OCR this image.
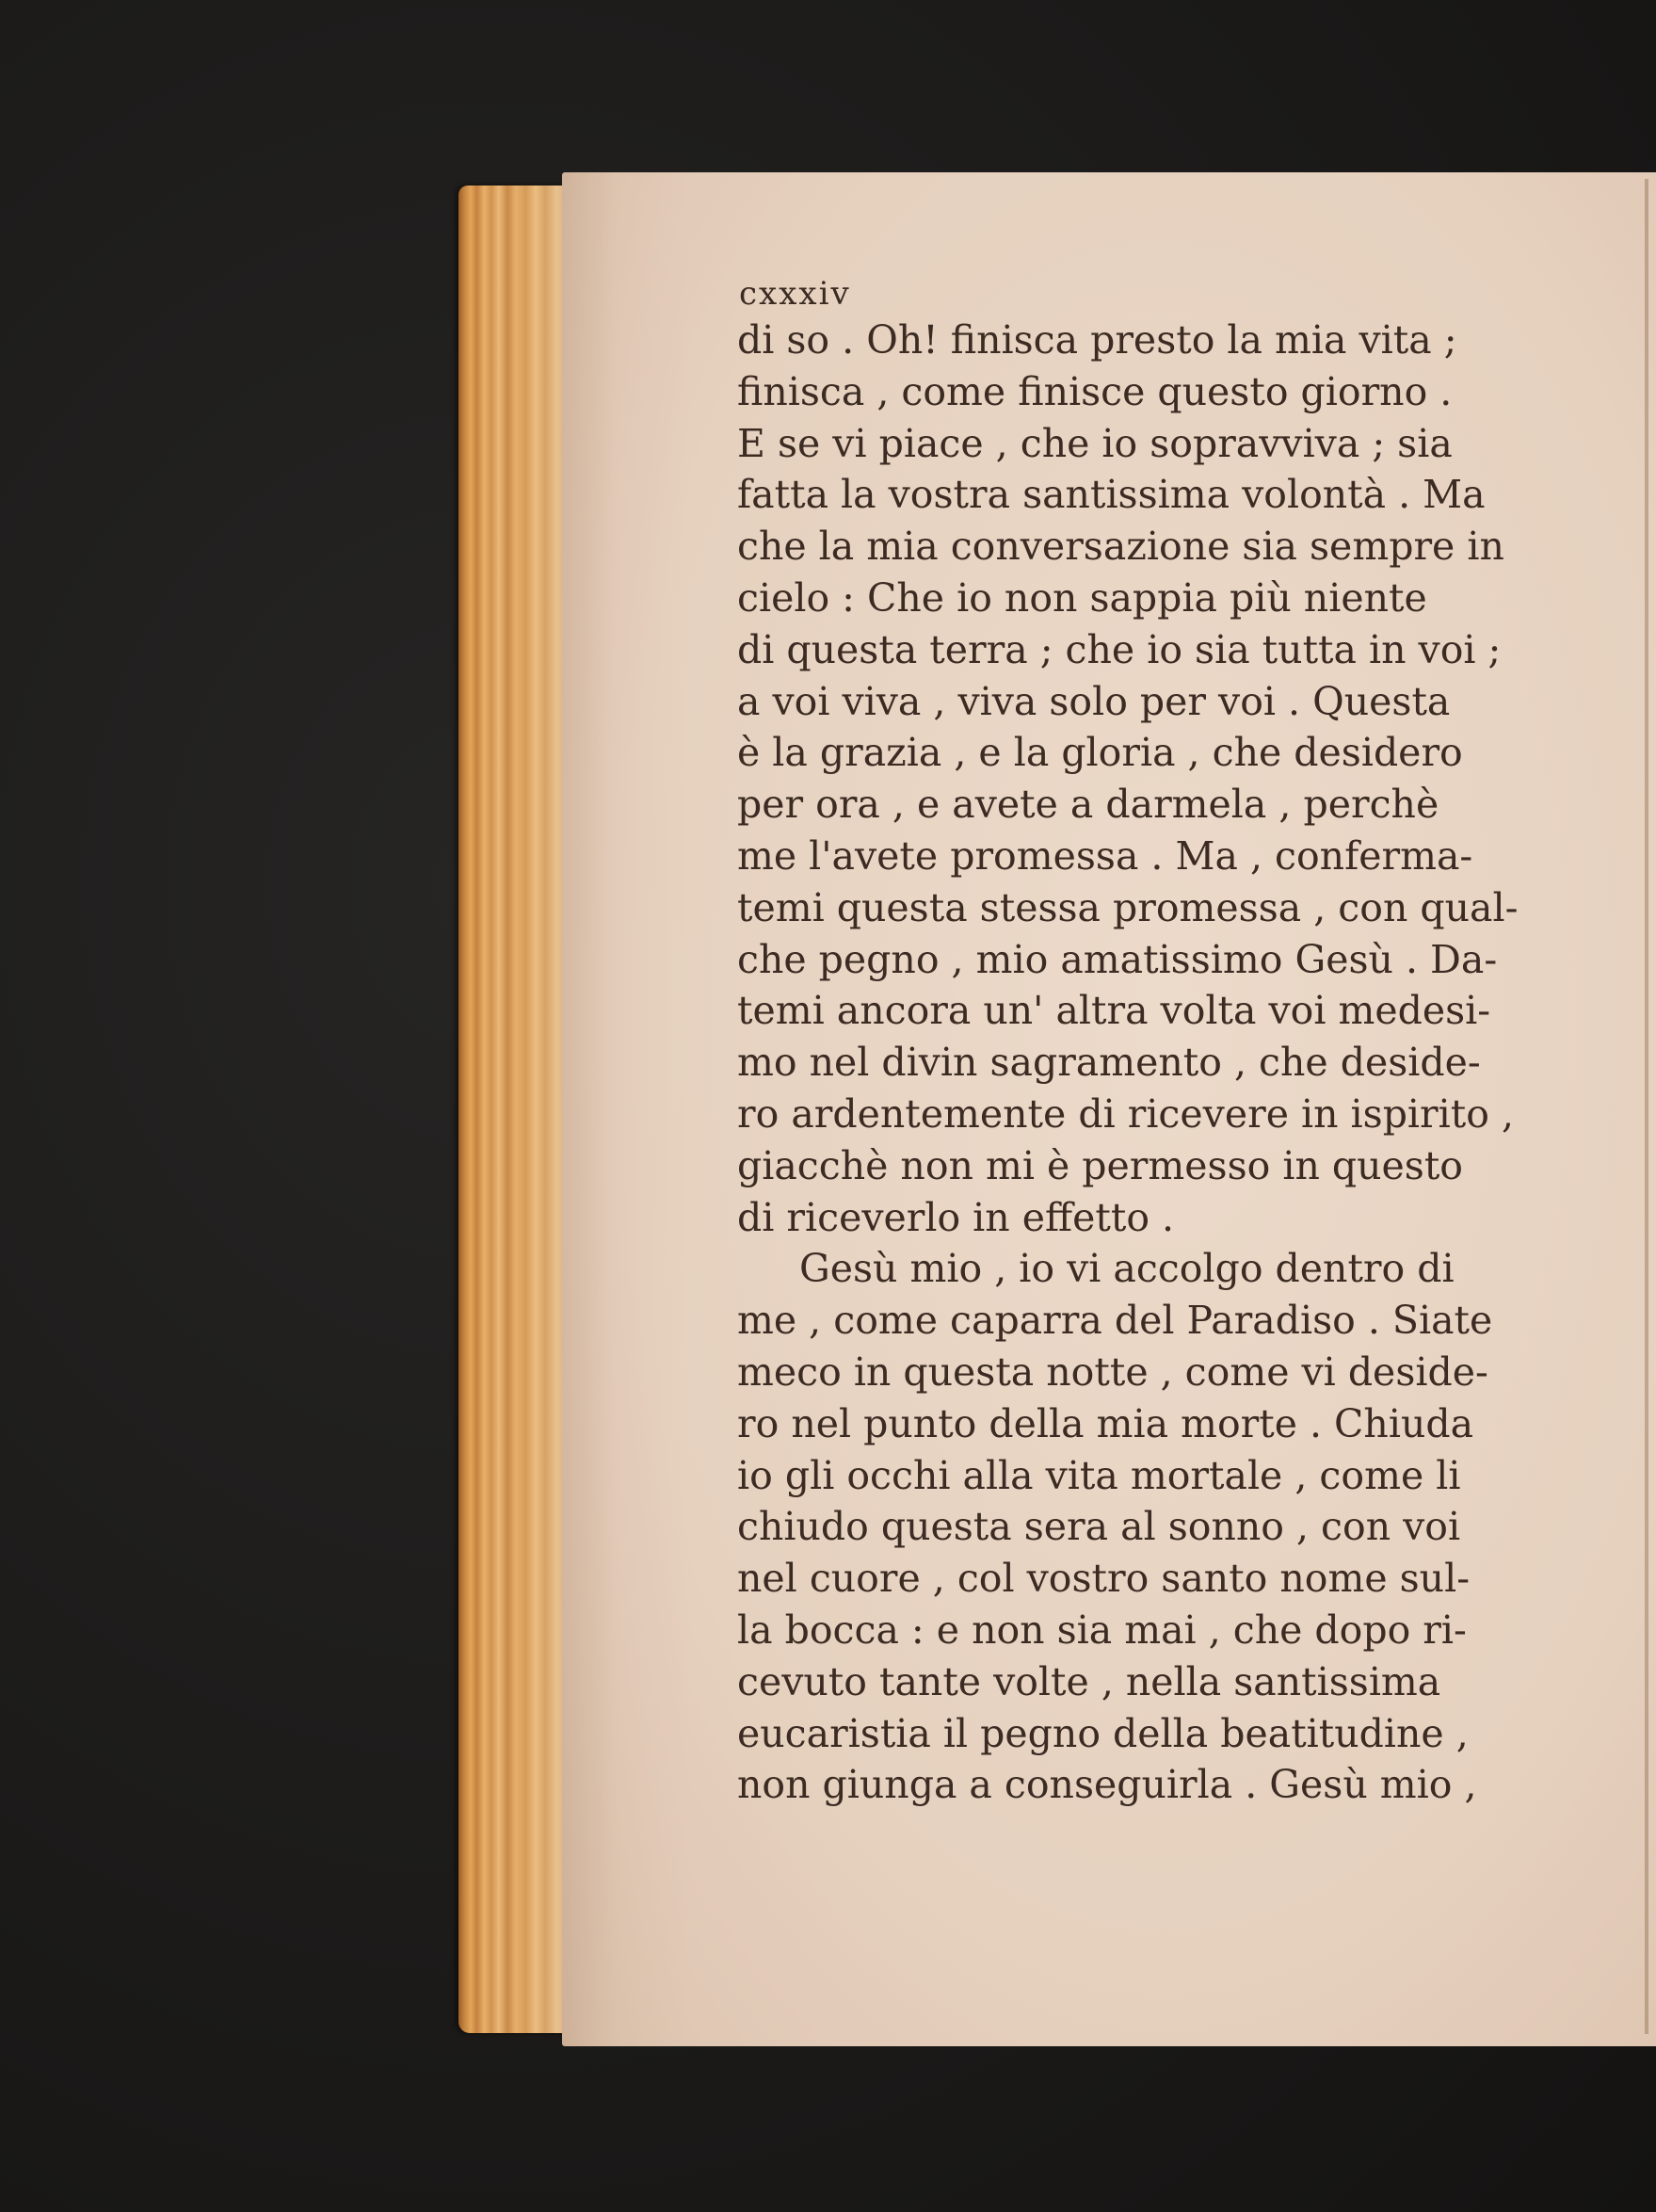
cxxxiv
di so . Oh! finisca presto la mia vita ;
finisca , come finisce questo giorno .
E se vi piace , che io sopravviva ; sia
fatta la vostra santissima volontà . Ma
che la mia conversazione sia sempre in
cielo : Che io non sappia più niente
di questa terra ; che io sia tutta in voi ;
a voi viva , viva solo per voi . Questa
è la grazia , e la gloria , che desidero
per ora , e avete a darmela , perchè
me l'avete promessa . Ma , conferma-
temi questa stessa promessa , con qual-
che pegno , mio amatissimo Gesù . Da-
temi ancora un' altra volta voi medesi-
mo nel divin sagramento , che deside-
ro ardentemente di ricevere in ispirito ,
giacchè non mi è permesso in questo
di riceverlo in effetto .
Gesù mio , io vi accolgo dentro di
me , come caparra del Paradiso . Siate
meco in questa notte , come vi deside-
ro nel punto della mia morte . Chiuda
io gli occhi alla vita mortale , come li
chiudo questa sera al sonno , con voi
nel cuore , col vostro santo nome sul-
la bocca : e non sia mai , che dopo ri-
cevuto tante volte , nella santissima
eucaristia il pegno della beatitudine ,
non giunga a conseguirla . Gesù mio ,
